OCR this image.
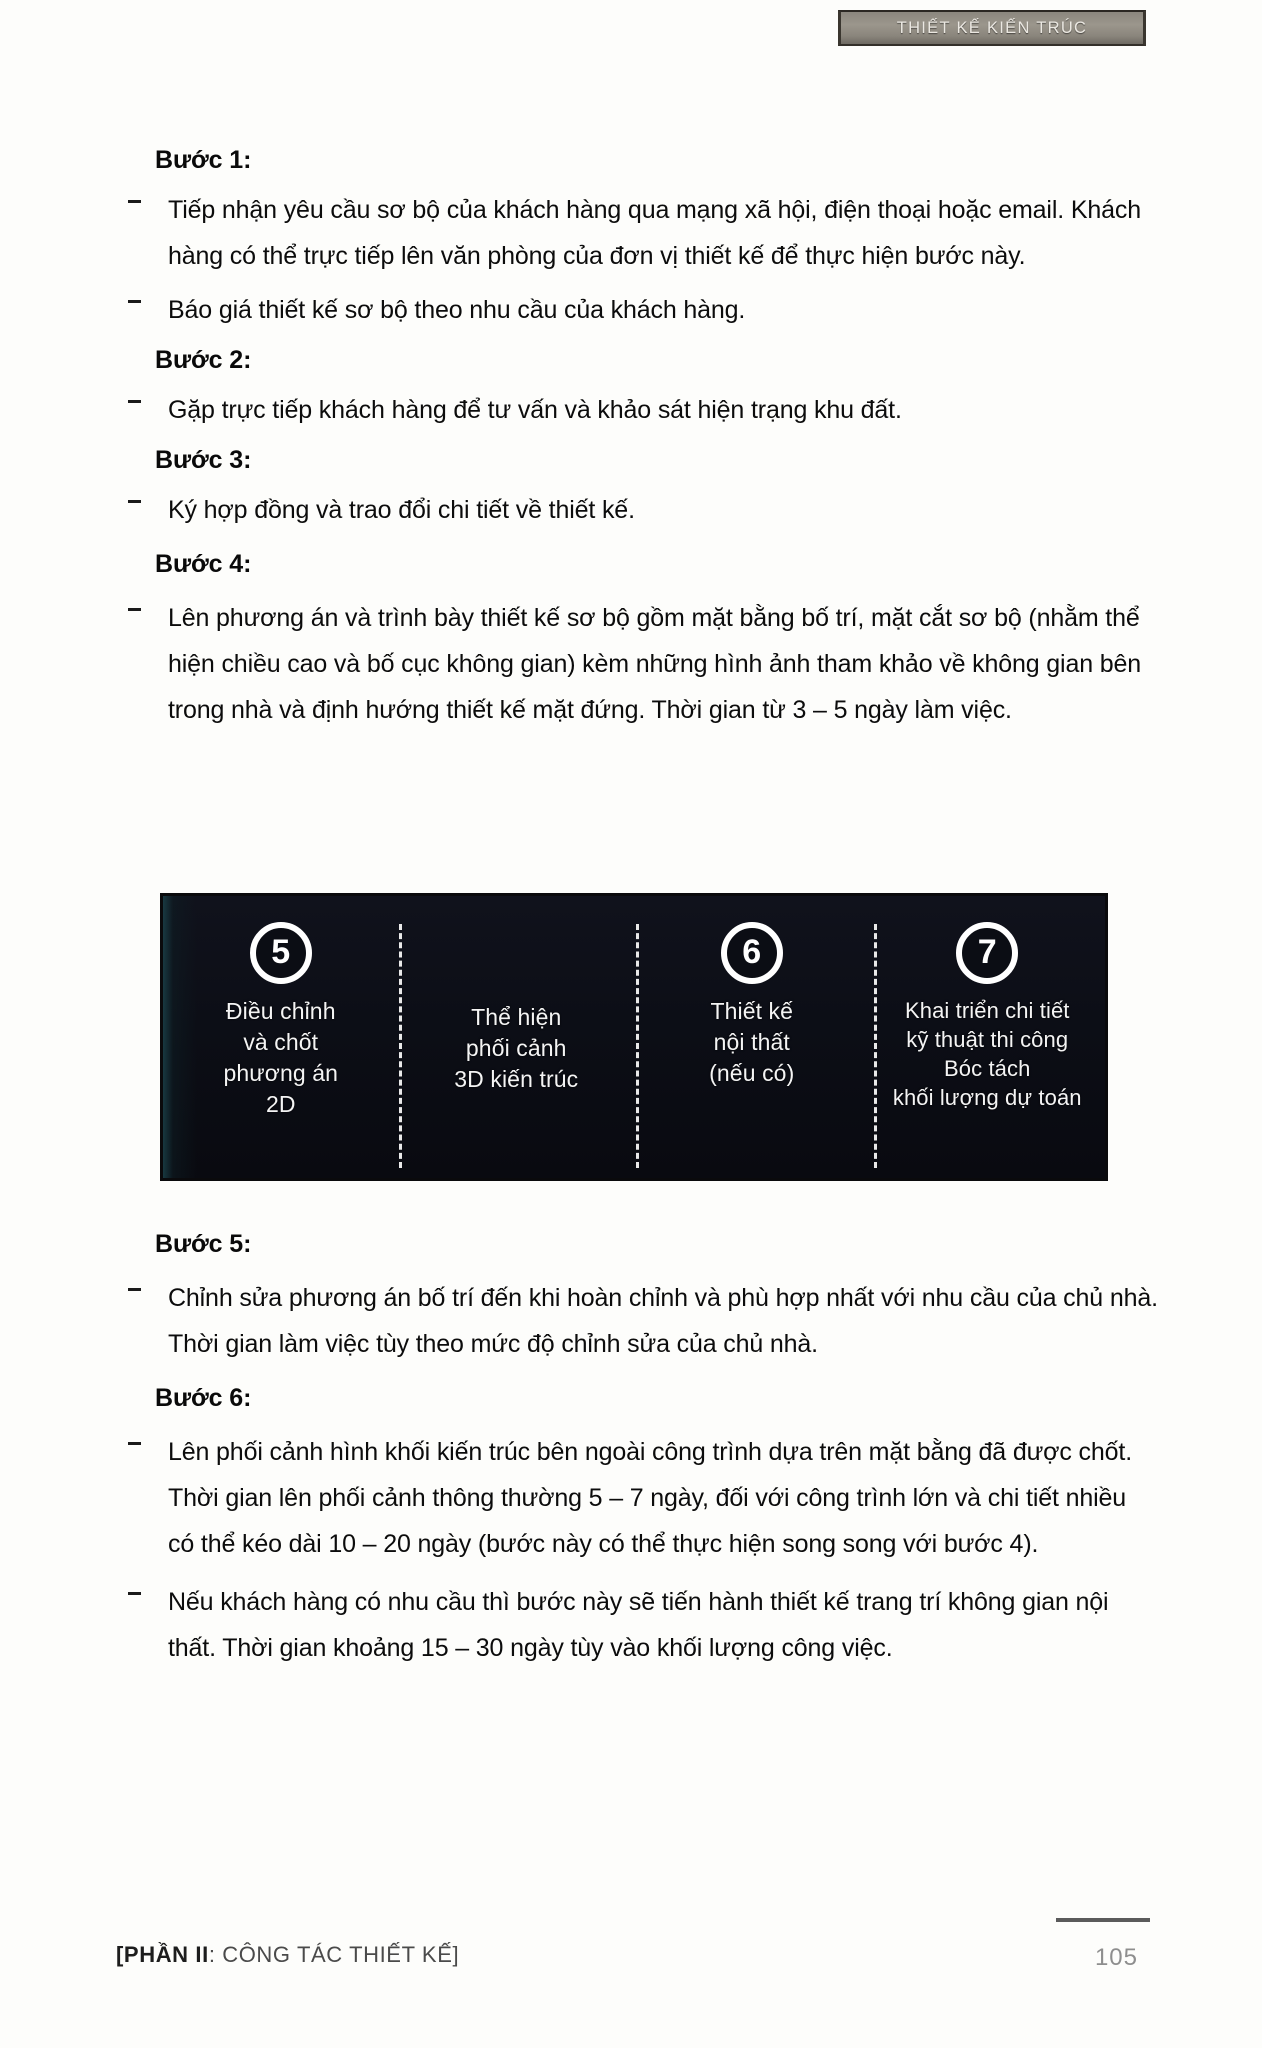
THIẾT KẾ KIẾN TRÚC
Bước 1:
Tiếp nhận yêu cầu sơ bộ của khách hàng qua mạng xã hội, điện thoại hoặc email. Khách hàng có thể trực tiếp lên văn phòng của đơn vị thiết kế để thực hiện bước này.
Báo giá thiết kế sơ bộ theo nhu cầu của khách hàng.
Bước 2:
Gặp trực tiếp khách hàng để tư vấn và khảo sát hiện trạng khu đất.
Bước 3:
Ký hợp đồng và trao đổi chi tiết về thiết kế.
Bước 4:
Lên phương án và trình bày thiết kế sơ bộ gồm mặt bằng bố trí, mặt cắt sơ bộ (nhằm thể hiện chiều cao và bố cục không gian) kèm những hình ảnh tham khảo về không gian bên trong nhà và định hướng thiết kế mặt đứng. Thời gian từ 3 – 5 ngày làm việc.
5
Điều chỉnh
và chốt
phương án
2D
Thể hiện
phối cảnh
3D kiến trúc
6
Thiết kế
nội thất
(nếu có)
7
Khai triển chi tiết
kỹ thuật thi công
Bóc tách
khối lượng dự toán
Bước 5:
Chỉnh sửa phương án bố trí đến khi hoàn chỉnh và phù hợp nhất với nhu cầu của chủ nhà. Thời gian làm việc tùy theo mức độ chỉnh sửa của chủ nhà.
Bước 6:
Lên phối cảnh hình khối kiến trúc bên ngoài công trình dựa trên mặt bằng đã được chốt. Thời gian lên phối cảnh thông thường 5 – 7 ngày, đối với công trình lớn và chi tiết nhiều có thể kéo dài 10 – 20 ngày (bước này có thể thực hiện song song với bước 4).
Nếu khách hàng có nhu cầu thì bước này sẽ tiến hành thiết kế trang trí không gian nội thất. Thời gian khoảng 15 – 30 ngày tùy vào khối lượng công việc.
[PHẦN II: CÔNG TÁC THIẾT KẾ]	105
